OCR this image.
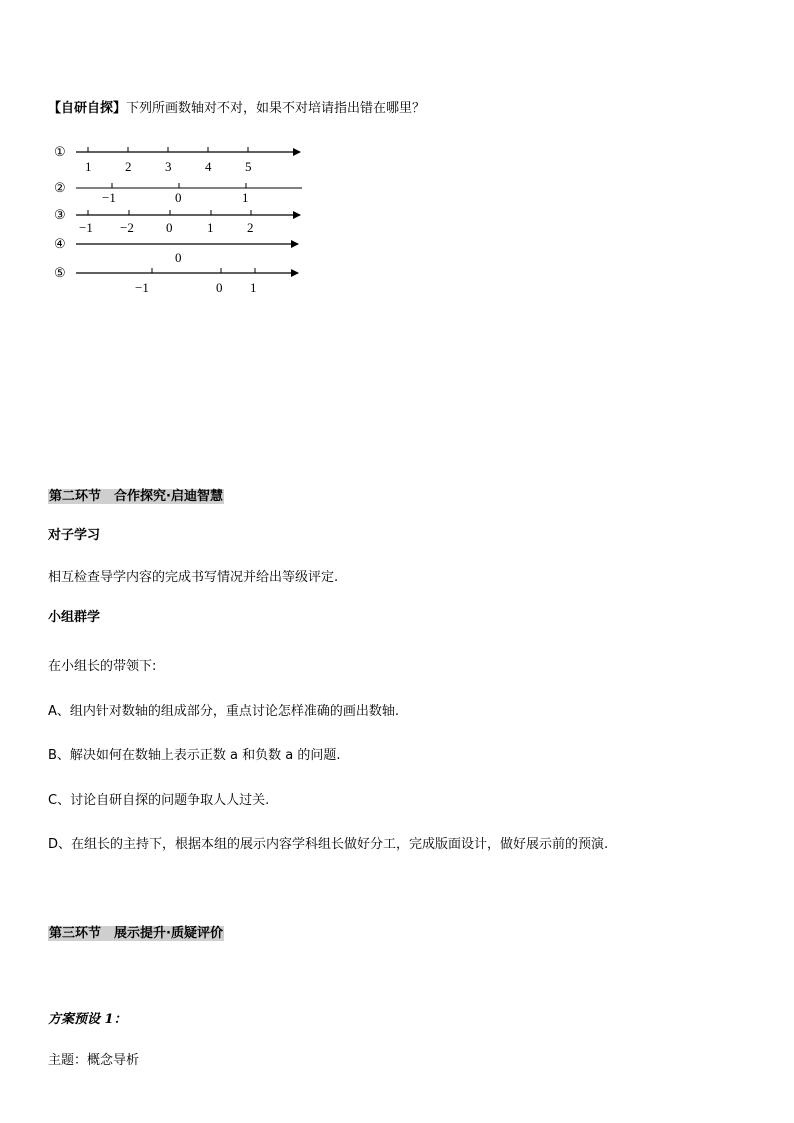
【自研自探】下列所画数轴对不对，如果不对培请指出错在哪里？
①
1	2	3	4	5
②
−1	0	1
③
−1 −2 0	1	2
④
0
⑤
−1	0 1
第二环节　合作探究·启迪智慧
对子学习
相互检查导学内容的完成书写情况并给出等级评定.
小组群学
在小组长的带领下:
A、组内针对数轴的组成部分，重点讨论怎样准确的画出数轴.
B、解决如何在数轴上表示正数 a 和负数 a 的问题.
C、讨论自研自探的问题争取人人过关.
D、在组长的主持下，根据本组的展示内容学科组长做好分工，完成版面设计，做好展示前的预演.
第三环节　展示提升·质疑评价
方案预设 1：
主题：概念导析
